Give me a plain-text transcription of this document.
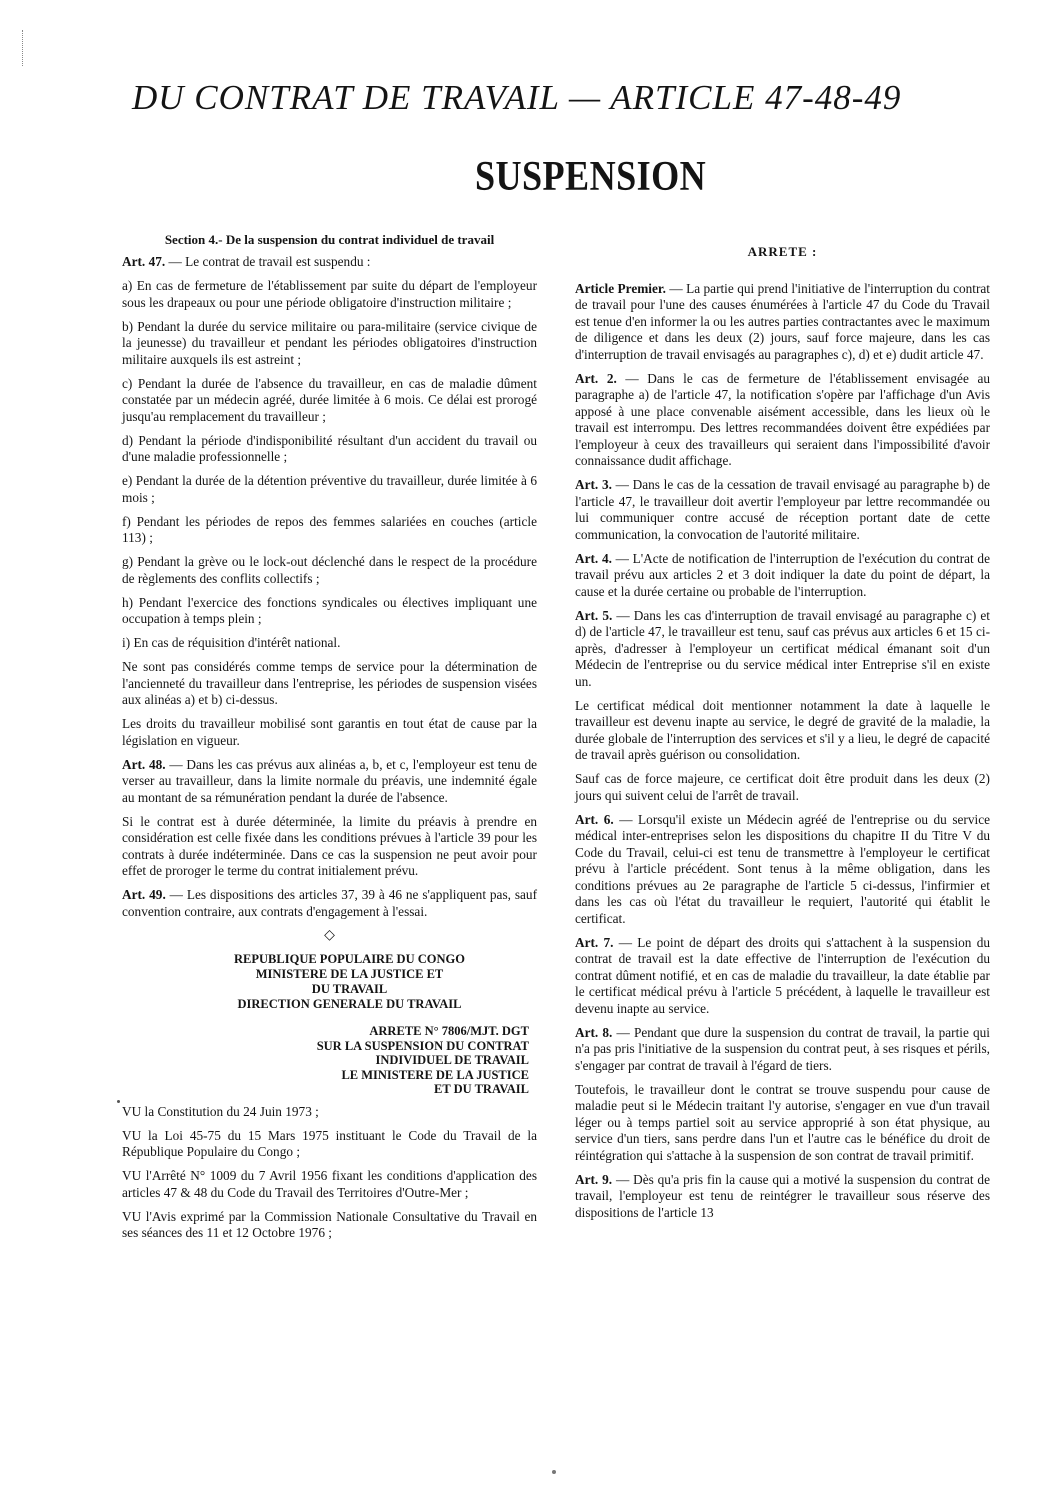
DU CONTRAT DE TRAVAIL — ARTICLE 47-48-49
SUSPENSION
Section 4.- De la suspension du contrat individuel de travail

Art. 47. — Le contrat de travail est suspendu :

a) En cas de fermeture de l'établissement par suite du départ de l'employeur sous les drapeaux ou pour une période obligatoire d'instruction militaire ;

b) Pendant la durée du service militaire ou para-militaire (service civique de la jeunesse) du travailleur et pendant les périodes obligatoires d'instruction militaire auxquels ils est astreint ;

c) Pendant la durée de l'absence du travailleur, en cas de maladie dûment constatée par un médecin agréé, durée limitée à 6 mois. Ce délai est prorogé jusqu'au remplacement du travailleur ;

d) Pendant la période d'indisponibilité résultant d'un accident du travail ou d'une maladie professionnelle ;

e) Pendant la durée de la détention préventive du travailleur, durée limitée à 6 mois ;

f) Pendant les périodes de repos des femmes salariées en couches (article 113) ;

g) Pendant la grève ou le lock-out déclenché dans le respect de la procédure de règlements des conflits collectifs ;

h) Pendant l'exercice des fonctions syndicales ou électives impliquant une occupation à temps plein ;

i) En cas de réquisition d'intérêt national.

Ne sont pas considérés comme temps de service pour la détermination de l'ancienneté du travailleur dans l'entreprise, les périodes de suspension visées aux alinéas a) et b) ci-dessus.

Les droits du travailleur mobilisé sont garantis en tout état de cause par la législation en vigueur.

Art. 48. — Dans les cas prévus aux alinéas a, b, et c, l'employeur est tenu de verser au travailleur, dans la limite normale du préavis, une indemnité égale au montant de sa rémunération pendant la durée de l'absence.

Si le contrat est à durée déterminée, la limite du préavis à prendre en considération est celle fixée dans les conditions prévues à l'article 39 pour les contrats à durée indéterminée. Dans ce cas la suspension ne peut avoir pour effet de proroger le terme du contrat initialement prévu.

Art. 49. — Les dispositions des articles 37, 39 à 46 ne s'appliquent pas, sauf convention contraire, aux contrats d'engagement à l'essai.

◇
REPUBLIQUE POPULAIRE DU CONGO
MINISTERE DE LA JUSTICE ET
DU TRAVAIL
DIRECTION GENERALE DU TRAVAIL
ARRETE N° 7806/MJT. DGT
SUR LA SUSPENSION DU CONTRAT
INDIVIDUEL DE TRAVAIL
LE MINISTERE DE LA JUSTICE
ET DU TRAVAIL

VU la Constitution du 24 Juin 1973 ;

VU la Loi 45-75 du 15 Mars 1975 instituant le Code du Travail de la République Populaire du Congo ;

VU l'Arrêté N° 1009 du 7 Avril 1956 fixant les conditions d'application des articles 47 & 48 du Code du Travail des Territoires d'Outre-Mer ;

VU l'Avis exprimé par la Commission Nationale Consultative du Travail en ses séances des 11 et 12 Octobre 1976 ;

ARRETE :

Article Premier. — La partie qui prend l'initiative de l'interruption du contrat de travail pour l'une des causes énumérées à l'article 47 du Code du Travail est tenue d'en informer la ou les autres parties contractantes avec le maximum de diligence et dans les deux (2) jours, sauf force majeure, dans les cas d'interruption de travail envisagés au paragraphes c), d) et e) dudit article 47.

Art. 2. — Dans le cas de fermeture de l'établissement envisagée au paragraphe a) de l'article 47, la notification s'opère par l'affichage d'un Avis apposé à une place convenable aisément accessible, dans les lieux où le travail est interrompu. Des lettres recommandées doivent être expédiées par l'employeur à ceux des travailleurs qui seraient dans l'impossibilité d'avoir connaissance dudit affichage.

Art. 3. — Dans le cas de la cessation de travail envisagé au paragraphe b) de l'article 47, le travailleur doit avertir l'employeur par lettre recommandée ou lui communiquer contre accusé de réception portant date de cette communication, la convocation de l'autorité militaire.

Art. 4. — L'Acte de notification de l'interruption de l'exécution du contrat de travail prévu aux articles 2 et 3 doit indiquer la date du point de départ, la cause et la durée certaine ou probable de l'interruption.

Art. 5. — Dans les cas d'interruption de travail envisagé au paragraphe c) et d) de l'article 47, le travailleur est tenu, sauf cas prévus aux articles 6 et 15 ci-après, d'adresser à l'employeur un certificat médical émanant soit d'un Médecin de l'entreprise ou du service médical inter Entreprise s'il en existe un.

Le certificat médical doit mentionner notamment la date à laquelle le travailleur est devenu inapte au service, le degré de gravité de la maladie, la durée globale de l'interruption des services et s'il y a lieu, le degré de capacité de travail après guérison ou consolidation.

Sauf cas de force majeure, ce certificat doit être produit dans les deux (2) jours qui suivent celui de l'arrêt de travail.

Art. 6. — Lorsqu'il existe un Médecin agréé de l'entreprise ou du service médical inter-entreprises selon les dispositions du chapitre II du Titre V du Code du Travail, celui-ci est tenu de transmettre à l'employeur le certificat prévu à l'article précédent. Sont tenus à la même obligation, dans les conditions prévues au 2e paragraphe de l'article 5 ci-dessus, l'infirmier et dans les cas où l'état du travailleur le requiert, l'autorité qui établit le certificat.

Art. 7. — Le point de départ des droits qui s'attachent à la suspension du contrat de travail est la date effective de l'interruption de l'exécution du contrat dûment notifié, et en cas de maladie du travailleur, la date établie par le certificat médical prévu à l'article 5 précédent, à laquelle le travailleur est devenu inapte au service.

Art. 8. — Pendant que dure la suspension du contrat de travail, la partie qui n'a pas pris l'initiative de la suspension du contrat peut, à ses risques et périls, s'engager par contrat de travail à l'égard de tiers.

Toutefois, le travailleur dont le contrat se trouve suspendu pour cause de maladie peut si le Médecin traitant l'y autorise, s'engager en vue d'un travail léger ou à temps partiel soit au service approprié à son état physique, au service d'un tiers, sans perdre dans l'un et l'autre cas le bénéfice du droit de réintégration qui s'attache à la suspension de son contrat de travail primitif.

Art. 9. — Dès qu'a pris fin la cause qui a motivé la suspension du contrat de travail, l'employeur est tenu de reintégrer le travailleur sous réserve des dispositions de l'article 13
